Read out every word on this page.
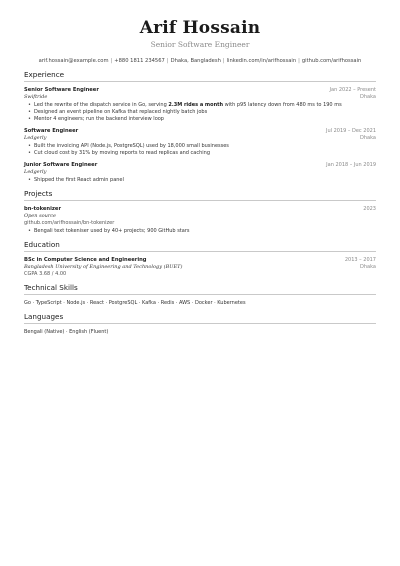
Arif Hossain
Senior Software Engineer
arif.hossain@example.com | +880 1811 234567 | Dhaka, Bangladesh | linkedin.com/in/arifhossain | github.com/arifhossain
Experience
Senior Software Engineer	Jan 2022 – Present
Swiftride	Dhaka
• Led the rewrite of the dispatch service in Go, serving 2.3M rides a month with p95 latency down from 480 ms to 190 ms
• Designed an event pipeline on Kafka that replaced nightly batch jobs
• Mentor 4 engineers; run the backend interview loop
Software Engineer	Jul 2019 – Dec 2021
Ledgerly	Dhaka
• Built the invoicing API (Node.js, PostgreSQL) used by 18,000 small businesses
• Cut cloud cost by 31% by moving reports to read replicas and caching
Junior Software Engineer	Jan 2018 – Jun 2019
Ledgerly
• Shipped the first React admin panel
Projects
bn-tokenizer	2023
Open source
github.com/arifhossain/bn-tokenizer
• Bengali text tokeniser used by 40+ projects; 900 GitHub stars
Education
BSc in Computer Science and Engineering	2013 – 2017
Bangladesh University of Engineering and Technology (BUET)	Dhaka
CGPA 3.68 / 4.00
Technical Skills
Go · TypeScript · Node.js · React · PostgreSQL · Kafka · Redis · AWS · Docker · Kubernetes
Languages
Bengali (Native) · English (Fluent)
